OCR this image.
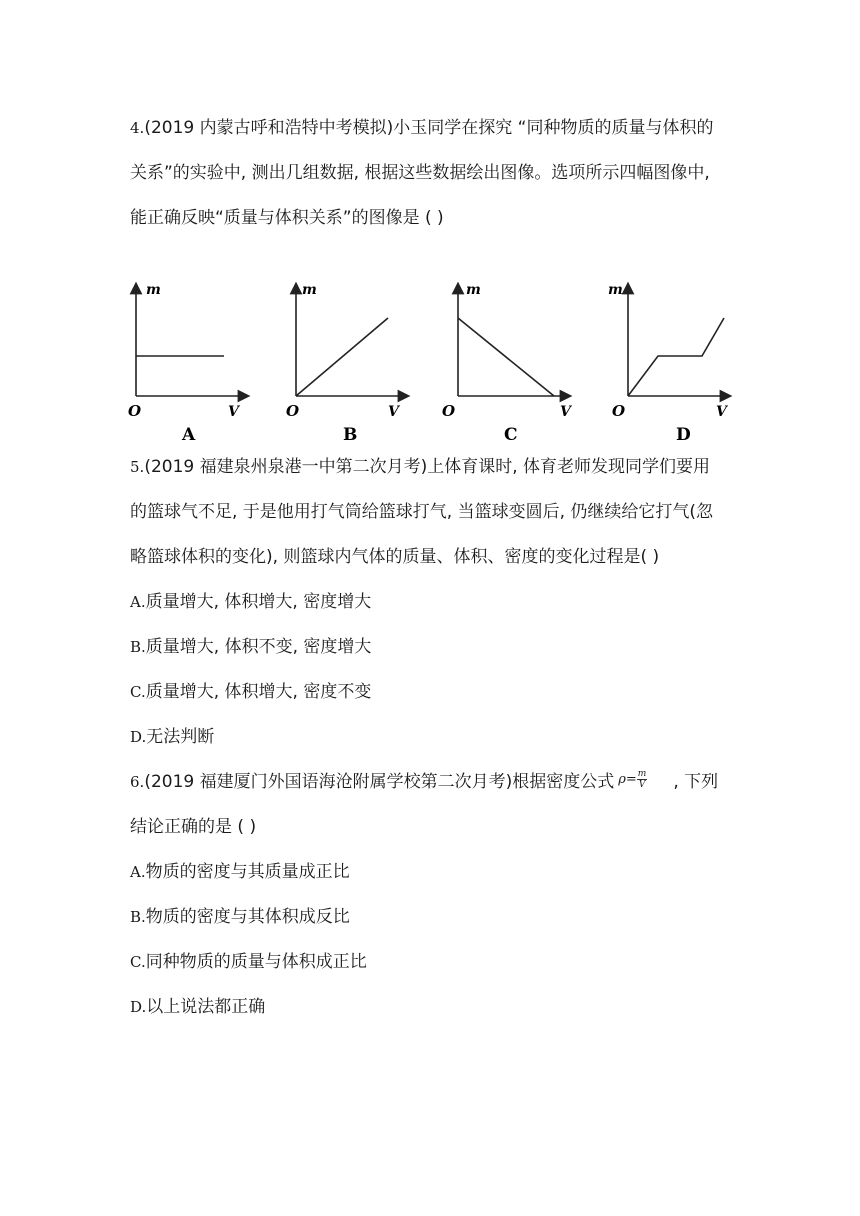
4.(2019 内蒙古呼和浩特中考模拟)小玉同学在探究 “同种物质的质量与体积的
关系”的实验中, 测出几组数据, 根据这些数据绘出图像。选项所示四幅图像中,
能正确反映“质量与体积关系”的图像是 ( )
m
V
O
A
m
V
O
B
m
V
O
C
m
V
O
D
5.(2019 福建泉州泉港一中第二次月考)上体育课时, 体育老师发现同学们要用
的篮球气不足, 于是他用打气筒给篮球打气, 当篮球变圆后, 仍继续给它打气(忽
略篮球体积的变化), 则篮球内气体的质量、体积、密度的变化过程是( )
A.质量增大, 体积增大, 密度增大
B.质量增大, 体积不变, 密度增大
C.质量增大, 体积增大, 密度不变
D.无法判断
6.(2019 福建厦门外国语海沧附属学校第二次月考)根据密度公式 $\rho= \frac{m}{V}$ , 下列
结论正确的是 ( )
A.物质的密度与其质量成正比
B.物质的密度与其体积成反比
C.同种物质的质量与体积成正比
D.以上说法都正确
